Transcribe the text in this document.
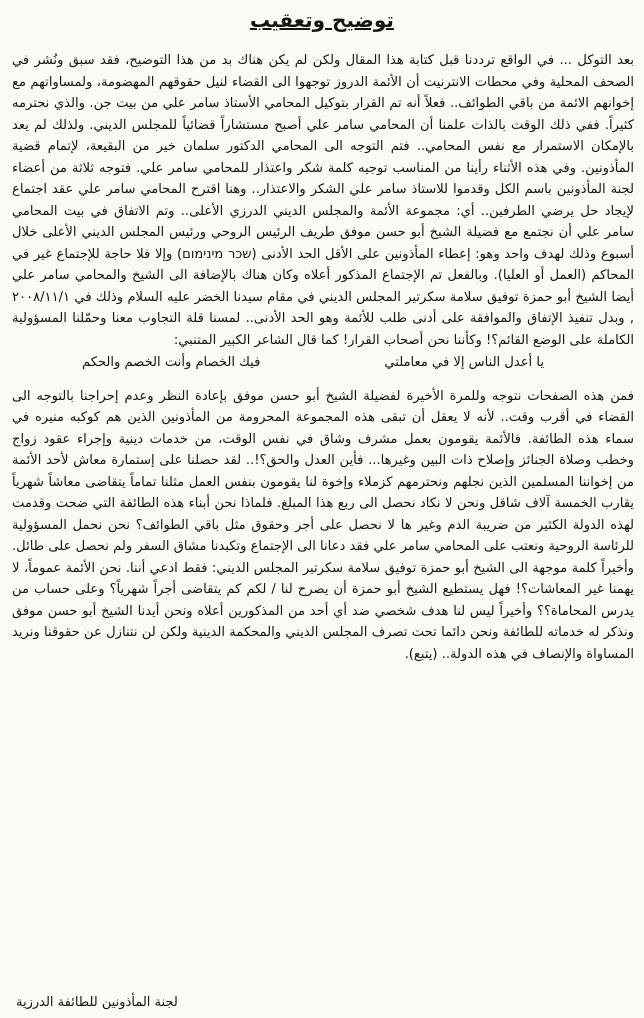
توضيح وتعقيب

بعد التوكل ... في الواقع ترددنا قبل كتابة هذا المقال ولكن لم يكن هناك بد من هذا التوضيح، فقد سبق ونُشر في الصحف المحلية وفي محطات الانترنيت أن الأئمة الدروز توجهوا الى القضاء لنيل حقوقهم المهضومة، ولمساواتهم مع إخوانهم الائمة من باقي الطوائف.. فعلاً أنه تم القرار بتوكيل المحامي الأستاذ سامر علي من بيت جن. والذي نحترمه كثيراً. ففي ذلك الوقت بالذات علمنا أن المحامي سامر علي أصبح مستشاراً قضائياً للمجلس الديني. ولذلك لم يعد بالإمكان الاستمرار مع نفس المحامي.. فتم التوجه الى المحامي الدكتور سلمان خير من البقيعة، لإتمام قضية المأذونين. وفي هذه الأثناء رأينا من المناسب توجيه كلمة شكر واعتذار للمحامي سامر علي. فتوجه ثلاثة من أعضاء لجنة المأذونين باسم الكل وقدموا للاستاذ سامر علي الشكر والاعتذار.. وهنا اقترح المحامي سامر علي عقد اجتماع لإيجاد حل يرضي الطرفين.. أي: مجموعة الأئمة والمجلس الديني الدرزي الأعلى.. وتم الاتفاق في بيت المحامي سامر علي أن نجتمع مع فضيلة الشيخ أبو حسن موفق طريف الرئيس الروحي ورئيس المجلس الديني الأعلى خلال أسبوع وذلك لهدف واحد وهو: إعطاء المأذونين على الأقل الحد الأدنى (שכר מינימום) وإلا فلا حاجة للإجتماع غير في المحاكم (العمل أو العليا). وبالفعل تم الإجتماع المذكور أعلاه وكان هناك بالإضافة الى الشيخ والمحامي سامر علي أيضا الشيخ أبو حمزة توفيق سلامة سكرتير المجلس الديني في مقام سيدنا الخضر عليه السلام وذلك في ٢٠٠٨/١١/١ , وبدل تنفيذ الإتفاق والموافقة على أدنى طلب للأئمة وهو الحد الأدنى.. لمسنا قلة التجاوب معنا وحمّلنا المسؤولية الكاملة على الوضع القائم؟! وكأننا نحن أصحاب القرار! كما قال الشاعر الكبير المتنبي:

يا أعدل الناس إلا في معاملتي
فيك الخصام وأنت الخصم والحكم

فمن هذه الصفحات نتوجه وللمرة الأخيرة لفضيلة الشيخ أبو حسن موفق بإعادة النظر وعدم إحراجنا بالتوجه الى القضاء في أقرب وقت.. لأنه لا يعقل أن تبقى هذه المجموعة المحرومة من المأذونين الذين هم كوكبه منيره في سماء هذه الطائفة. فالأئمة يقومون بعمل مشرف وشاق في نفس الوقت، من خدمات دينية وإجراء عقود زواج وخطب وصلاة الجنائز وإصلاح ذات البين وغيرها... فأين العدل والحق؟!.. لقد حصلنا على إستمارة معاش لأحد الأئمة من إخواننا المسلمين الذين نجلهم ونحترمهم كزملاء وإخوة لنا يقومون بنفس العمل مثلنا تماماً يتقاضى معاشاً شهرياً يقارب الخمسة آلاف شاقل ونحن لا نكاد نحصل الى ربع هذا المبلغ. فلماذا نحن أبناء هذه الطائفة التي ضحت وقدمت لهذه الدولة الكثير من ضريبة الدم وغير ها لا نحصل على أجر وحقوق مثل باقي الطوائف؟ نحن نحمل المسؤولية للرئاسة الروحية ونعتب على المحامي سامر علي فقد دعانا الى الإجتماع وتكبدنا مشاق السفر ولم نحصل على طائل. وأخيراً كلمة موجهة الى الشيخ أبو حمزة توفيق سلامة سكرتير المجلس الديني: فقط ادعي أننا. نحن الأئمة عموماً، لا يهمنا غير المعاشات؟! فهل يستطيع الشيخ أبو حمزة أن يصرح لنا / لكم كم يتقاضى أجراً شهرياً؟ وعلى حساب من يدرس المحاماة؟؟ وأخيراً ليس لنا هدف شخصي ضد أي أحد من المذكورين أعلاه ونحن أيدنا الشيخ أبو حسن موفق ونذكر له خدماته للطائفة ونحن دائما تحت تصرف المجلس الديني والمحكمة الدينية ولكن لن نتنازل عن حقوقنا ونريد المساواة والإنصاف في هذه الدولة.. (يتبع).

لجنة المأذونين للطائفة الدرزية
